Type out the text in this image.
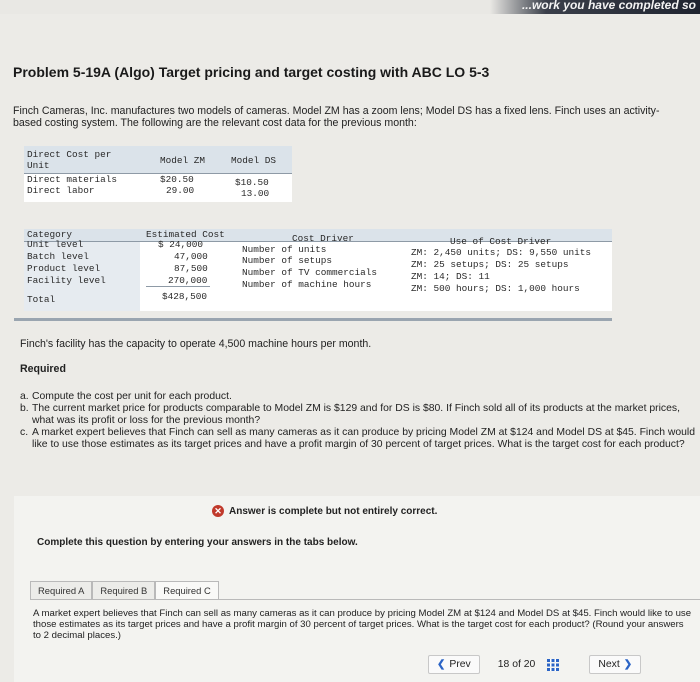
...work you have completed so
Problem 5-19A (Algo) Target pricing and target costing with ABC LO 5-3
Finch Cameras, Inc. manufactures two models of cameras. Model ZM has a zoom lens; Model DS has a fixed lens. Finch uses an activity-based costing system. The following are the relevant cost data for the previous month:
Direct Cost per
Unit	Model ZM	Model DS
Direct materials	$20.50	$10.50
Direct labor	29.00	13.00
Category	Estimated Cost	Cost Driver	Use of Cost Driver
Unit level	$ 24,000	Number of units	ZM: 2,450 units; DS: 9,550 units
Batch level	47,000	Number of setups	ZM: 25 setups; DS: 25 setups
Product level	87,500	Number of TV commercials	ZM: 14; DS: 11
Facility level	270,000	Number of machine hours	ZM: 500 hours; DS: 1,000 hours
Total	$428,500
Finch's facility has the capacity to operate 4,500 machine hours per month.
Required
a. Compute the cost per unit for each product.
b. The current market price for products comparable to Model ZM is $129 and for DS is $80. If Finch sold all of its products at the market prices, what was its profit or loss for the previous month?
c. A market expert believes that Finch can sell as many cameras as it can produce by pricing Model ZM at $124 and Model DS at $45. Finch would like to use those estimates as its target prices and have a profit margin of 30 percent of target prices. What is the target cost for each product?
✕ Answer is complete but not entirely correct.
Complete this question by entering your answers in the tabs below.
Required A	Required B	Required C
A market expert believes that Finch can sell as many cameras as it can produce by pricing Model ZM at $124 and Model DS at $45. Finch would like to use those estimates as its target prices and have a profit margin of 30 percent of target prices. What is the target cost for each product? (Round your answers to 2 decimal places.)
❮ Prev	18 of 20	Next ❯
